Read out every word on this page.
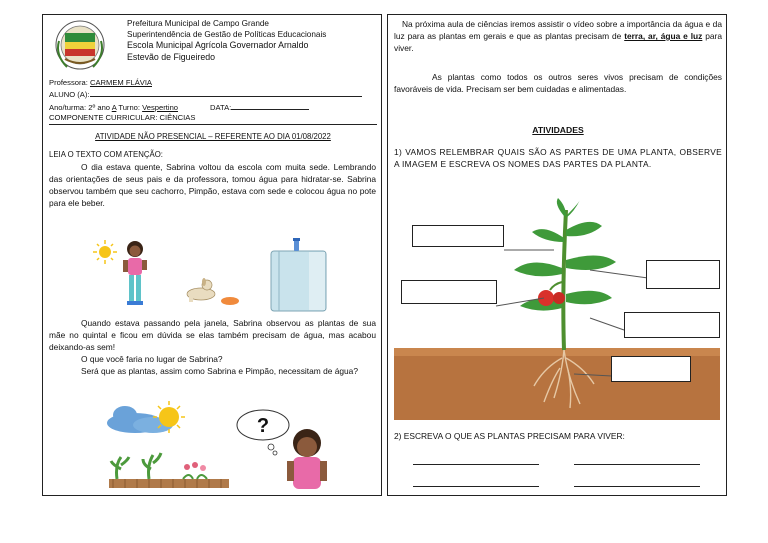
Prefeitura Municipal de Campo Grande
Superintendência de Gestão de Políticas Educacionais
Escola Municipal Agrícola Governador Arnaldo
Estevão de Figueiredo
Professora: CARMEM FLÁVIA
ALUNO (A):
Ano/turma: 2º ano A Turno: Vespertino	DATA:
COMPONENTE CURRICULAR: CIÊNCIAS
ATIVIDADE NÃO PRESENCIAL – REFERENTE AO DIA 01/08/2022
LEIA O TEXTO COM ATENÇÃO:
O dia estava quente, Sabrina voltou da escola com muita sede. Lembrando das orientações de seus pais e da professora, tomou água para hidratar-se. Sabrina observou também que seu cachorro, Pimpão, estava com sede e colocou água no pote para ele beber.
Quando estava passando pela janela, Sabrina observou as plantas de sua mãe no quintal e ficou em dúvida se elas também precisam de água, mas acabou deixando-as sem!
O que você faria no lugar de Sabrina?
Será que as plantas, assim como Sabrina e Pimpão, necessitam de água?
?
Na próxima aula de ciências iremos assistir o vídeo sobre a importância da água e da luz para as plantas em gerais e que as plantas precisam de terra, ar, água e luz para viver.
As plantas como todos os outros seres vivos precisam de condições favoráveis de vida. Precisam ser bem cuidadas e alimentadas.
ATIVIDADES
1) VAMOS RELEMBRAR QUAIS SÃO AS PARTES DE UMA PLANTA, OBSERVE A IMAGEM E ESCREVA OS NOMES DAS PARTES DA PLANTA.
2) ESCREVA O QUE AS PLANTAS PRECISAM PARA VIVER:
